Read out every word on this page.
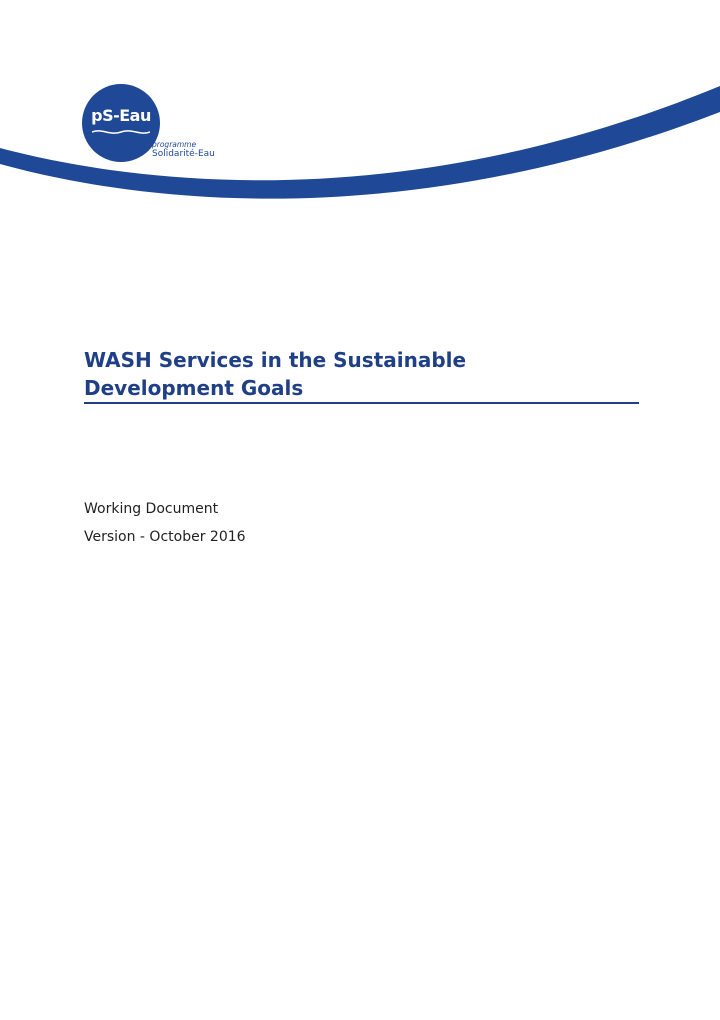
pS-Eau
programme
Solidarité-Eau
WASH Services in the Sustainable
Development Goals
Working Document
Version - October 2016
